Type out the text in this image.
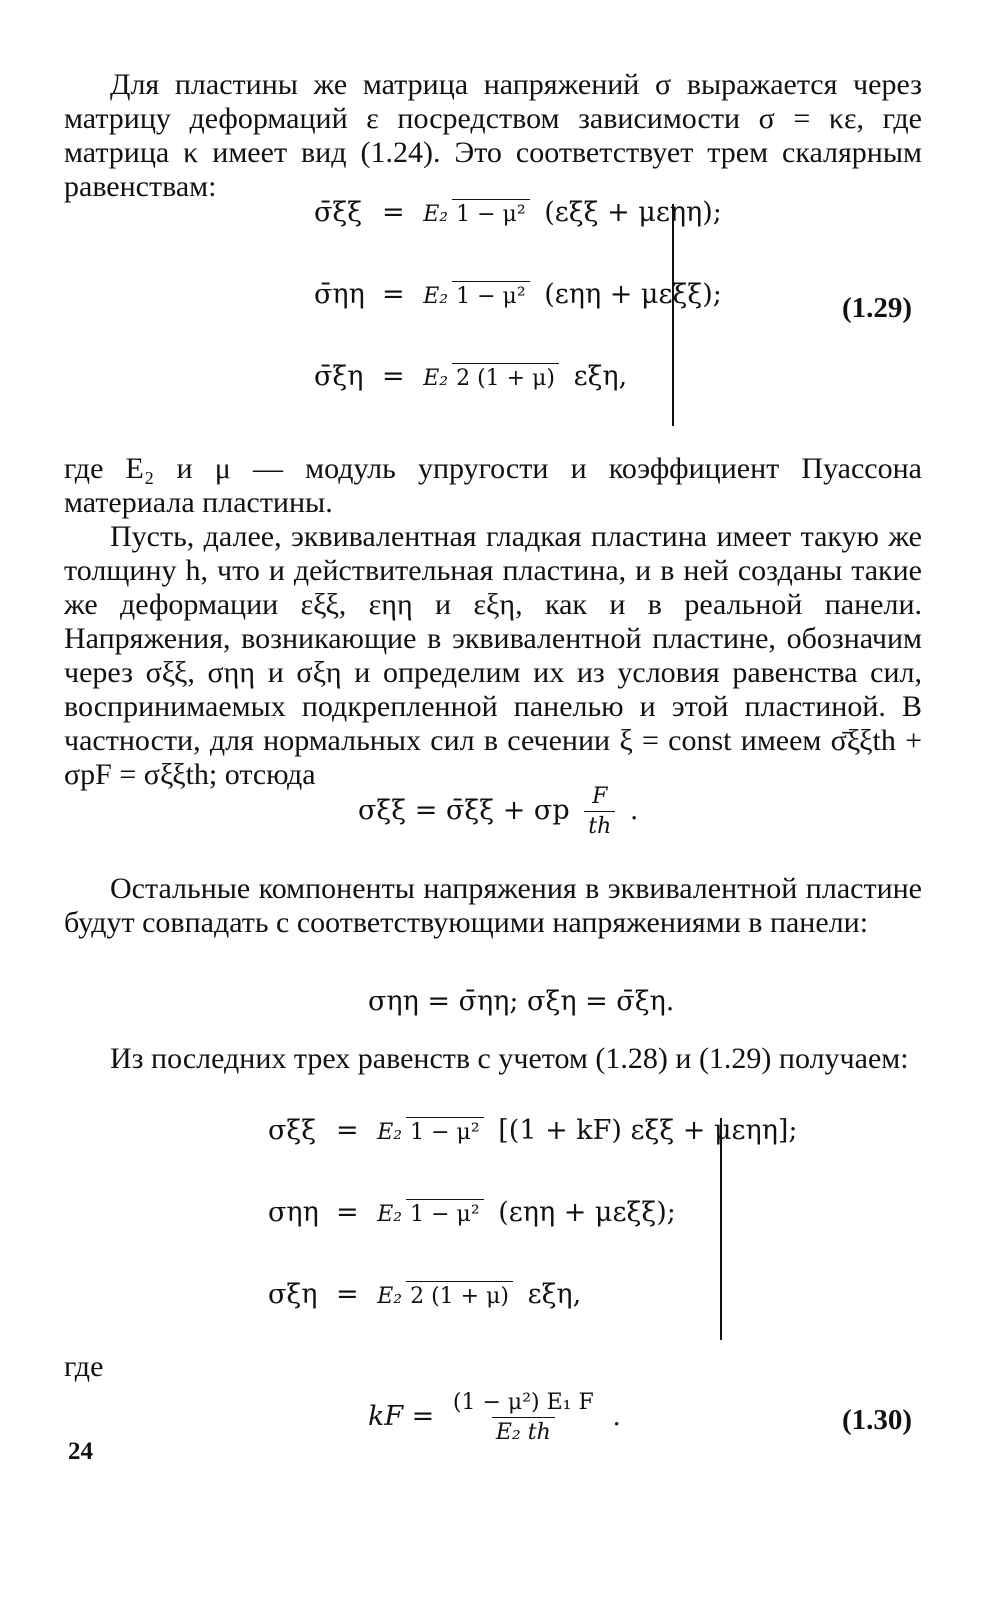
Для пластины же матрица напряжений σ выражается через матрицу деформаций ε посредством зависимости σ = κε, где матрица κ имеет вид (1.24). Это соответствует трем скалярным равенствам:
σ̄ξξ = E₂ 1 − μ² (εξξ + μεηη);
σ̄ηη = E₂ 1 − μ² (εηη + μεξξ);
σ̄ξη = E₂ 2 (1 + μ) εξη,
(1.29)
где E₂ и μ — модуль упругости и коэффициент Пуассона материала пластины.
Пусть, далее, эквивалентная гладкая пластина имеет такую же толщину h, что и действительная пластина, и в ней созданы такие же деформации εξξ, εηη и εξη, как и в реальной панели. Напряжения, возникающие в эквивалентной пластине, обозначим через σξξ, σηη и σξη и определим их из условия равенства сил, воспринимаемых подкрепленной панелью и этой пластиной. В частности, для нормальных сил в сечении ξ = const имеем σ̄ξξth + σpF = σξξth; отсюда
σξξ = σ̄ξξ + σp $\frac{F}{th}$ .
Остальные компоненты напряжения в эквивалентной пластине будут совпадать с соответствующими напряжениями в панели:
σηη = σ̄ηη; σξη = σ̄ξη.
Из последних трех равенств с учетом (1.28) и (1.29) получаем:
σξξ = E₂ 1 − μ² [(1 + kF) εξξ + μεηη];
σηη = E₂ 1 − μ² (εηη + μεξξ);
σξη = E₂ 2 (1 + μ) εξη,
где
kF = $\frac{\text{(1 − μ²) E₁ F}}{\text{E₂ th}}$ .	(1.30)
24
